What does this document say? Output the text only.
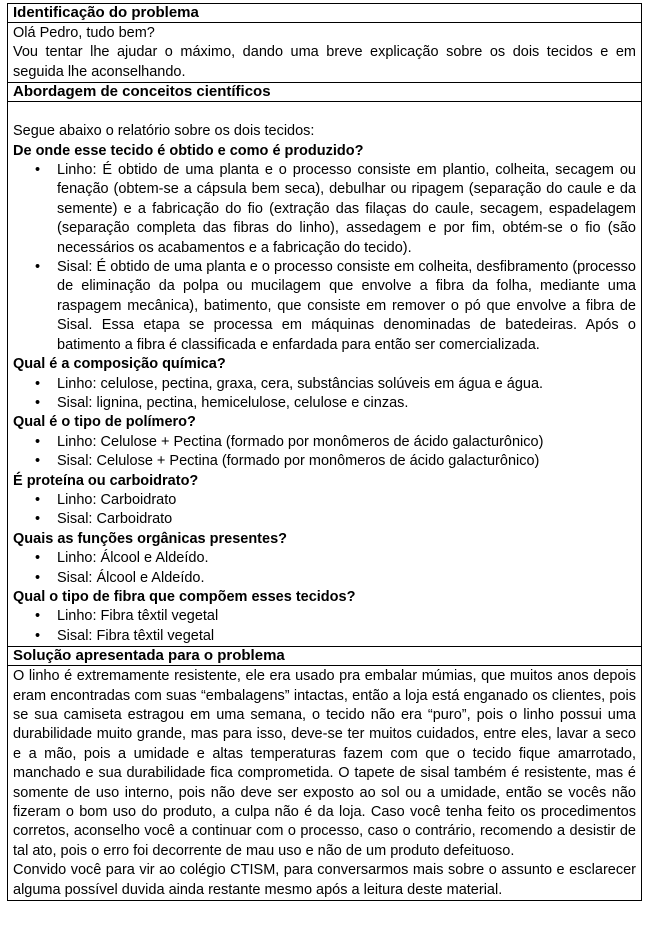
Identificação do problema

Olá Pedro, tudo bem?

Vou tentar lhe ajudar o máximo, dando uma breve explicação sobre os dois tecidos e em seguida lhe aconselhando.

Abordagem de conceitos científicos

Segue abaixo o relatório sobre os dois tecidos:

De onde esse tecido é obtido e como é produzido?
• Linho: É obtido de uma planta e o processo consiste em plantio, colheita, secagem ou fenação (obtem-se a cápsula bem seca), debulhar ou ripagem (separação do caule e da semente) e a fabricação do fio (extração das filaças do caule, secagem, espadelagem (separação completa das fibras do linho), assedagem e por fim, obtém-se o fio (são necessários os acabamentos e a fabricação do tecido).
• Sisal: É obtido de uma planta e o processo consiste em colheita, desfibramento (processo de eliminação da polpa ou mucilagem que envolve a fibra da folha, mediante uma raspagem mecânica), batimento, que consiste em remover o pó que envolve a fibra de Sisal. Essa etapa se processa em máquinas denominadas de batedeiras. Após o batimento a fibra é classificada e enfardada para então ser comercializada.
Qual é a composição química?
• Linho: celulose, pectina, graxa, cera, substâncias solúveis em água e água.
• Sisal: lignina, pectina, hemicelulose, celulose e cinzas.
Qual é o tipo de polímero?
• Linho: Celulose + Pectina (formado por monômeros de ácido galacturônico)
• Sisal: Celulose + Pectina (formado por monômeros de ácido galacturônico)
É proteína ou carboidrato?
• Linho: Carboidrato
• Sisal: Carboidrato
Quais as funções orgânicas presentes?
• Linho: Álcool e Aldeído.
• Sisal: Álcool e Aldeído.
Qual o tipo de fibra que compõem esses tecidos?
• Linho: Fibra têxtil vegetal
• Sisal: Fibra têxtil vegetal
Solução apresentada para o problema

O linho é extremamente resistente, ele era usado pra embalar múmias, que muitos anos depois eram encontradas com suas “embalagens” intactas, então a loja está enganado os clientes, pois se sua camiseta estragou em uma semana, o tecido não era “puro”, pois o linho possui uma durabilidade muito grande, mas para isso, deve-se ter muitos cuidados, entre eles, lavar a seco e a mão, pois a umidade e altas temperaturas fazem com que o tecido fique amarrotado, manchado e sua durabilidade fica comprometida. O tapete de sisal também é resistente, mas é somente de uso interno, pois não deve ser exposto ao sol ou a umidade, então se vocês não fizeram o bom uso do produto, a culpa não é da loja. Caso você tenha feito os procedimentos corretos, aconselho você a continuar com o processo, caso o contrário, recomendo a desistir de tal ato, pois o erro foi decorrente de mau uso e não de um produto defeituoso.

Convido você para vir ao colégio CTISM, para conversarmos mais sobre o assunto e esclarecer alguma possível duvida ainda restante mesmo após a leitura deste material.
